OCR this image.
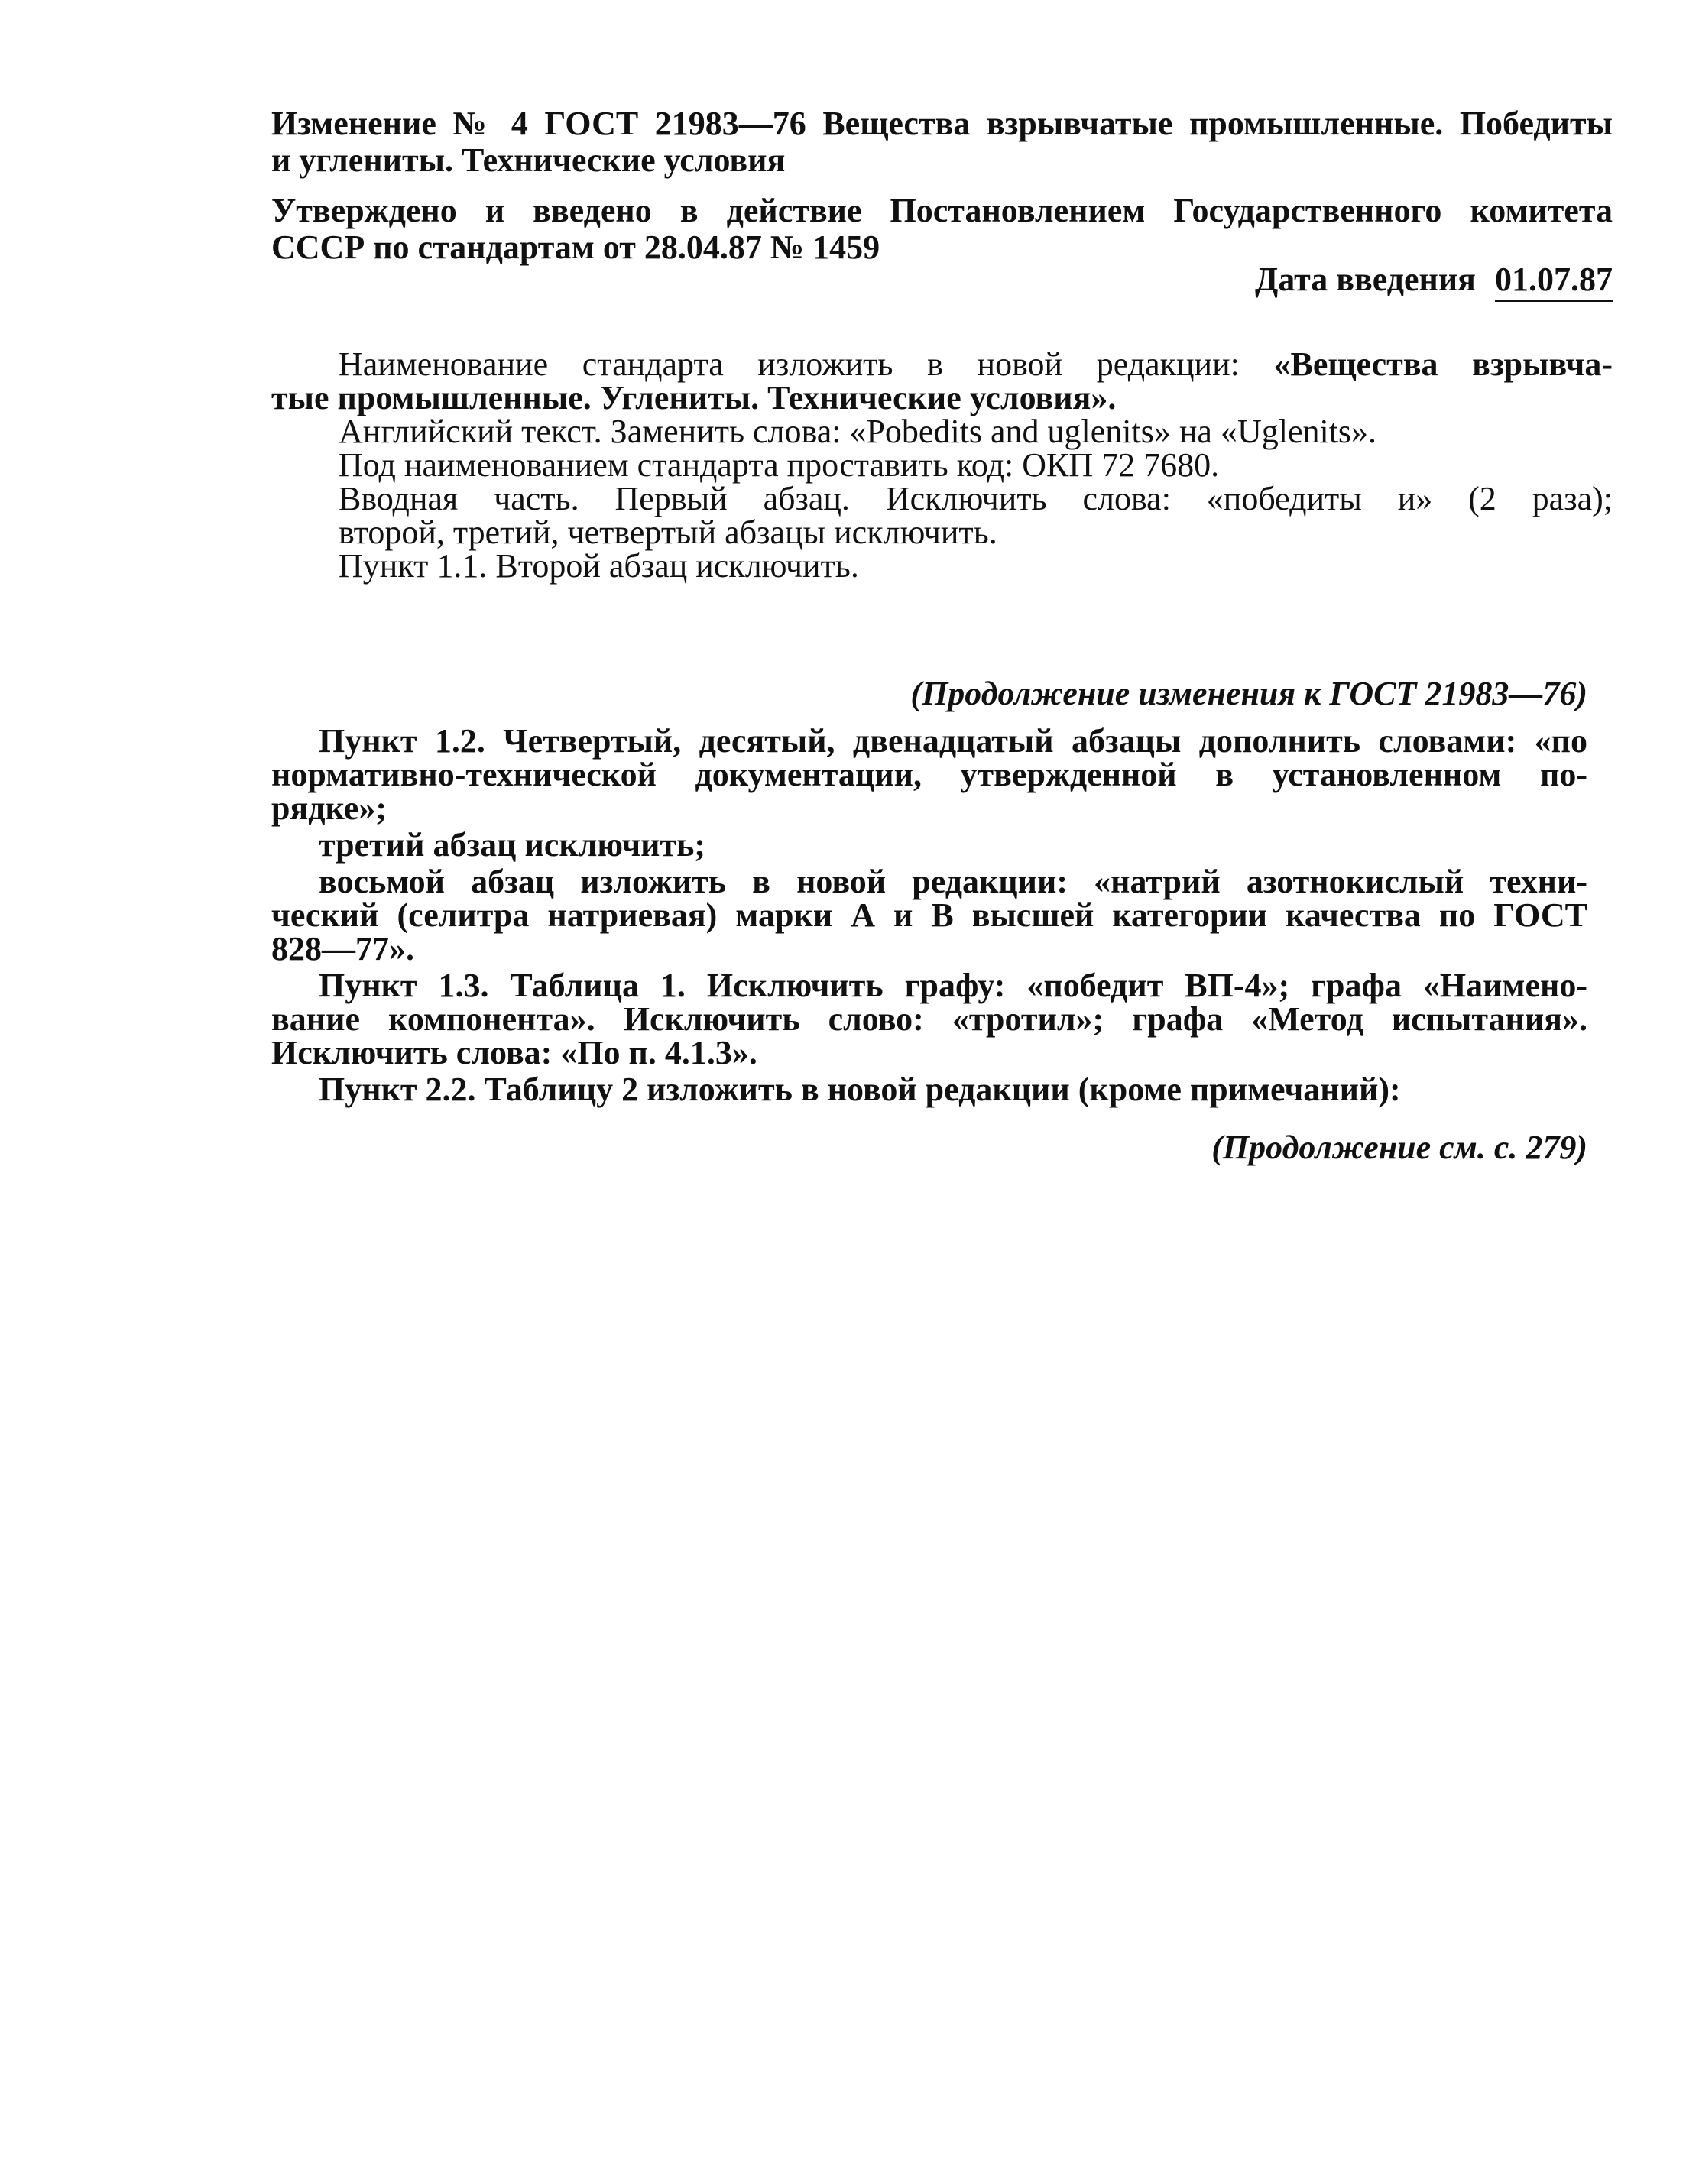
Изменение № 4 ГОСТ 21983—76 Вещества взрывчатые промышленные. Победиты
и углениты. Технические условия
Утверждено и введено в действие Постановлением Государственного комитета
СССР по стандартам от 28.04.87 № 1459
Дата введения 01.07.87
Наименование стандарта изложить в новой редакции: «Вещества взрывча-
тые промышленные. Углениты. Технические условия».
Английский текст. Заменить слова: «Pobedits and uglenits» на «Uglenits».
Под наименованием стандарта проставить код: ОКП 72 7680.
Вводная часть. Первый абзац. Исключить слова: «победиты и» (2 раза);
второй, третий, четвертый абзацы исключить.
Пункт 1.1. Второй абзац исключить.
(Продолжение изменения к ГОСТ 21983—76)
Пункт 1.2. Четвертый, десятый, двенадцатый абзацы дополнить словами: «по
нормативно-технической документации, утвержденной в установленном по-
рядке»;
третий абзац исключить;
восьмой абзац изложить в новой редакции: «натрий азотнокислый техни-
ческий (селитра натриевая) марки А и В высшей категории качества по ГОСТ
828—77».
Пункт 1.3. Таблица 1. Исключить графу: «победит ВП-4»; графа «Наимено-
вание компонента». Исключить слово: «тротил»; графа «Метод испытания».
Исключить слова: «По п. 4.1.3».
Пункт 2.2. Таблицу 2 изложить в новой редакции (кроме примечаний):
(Продолжение см. с. 279)
